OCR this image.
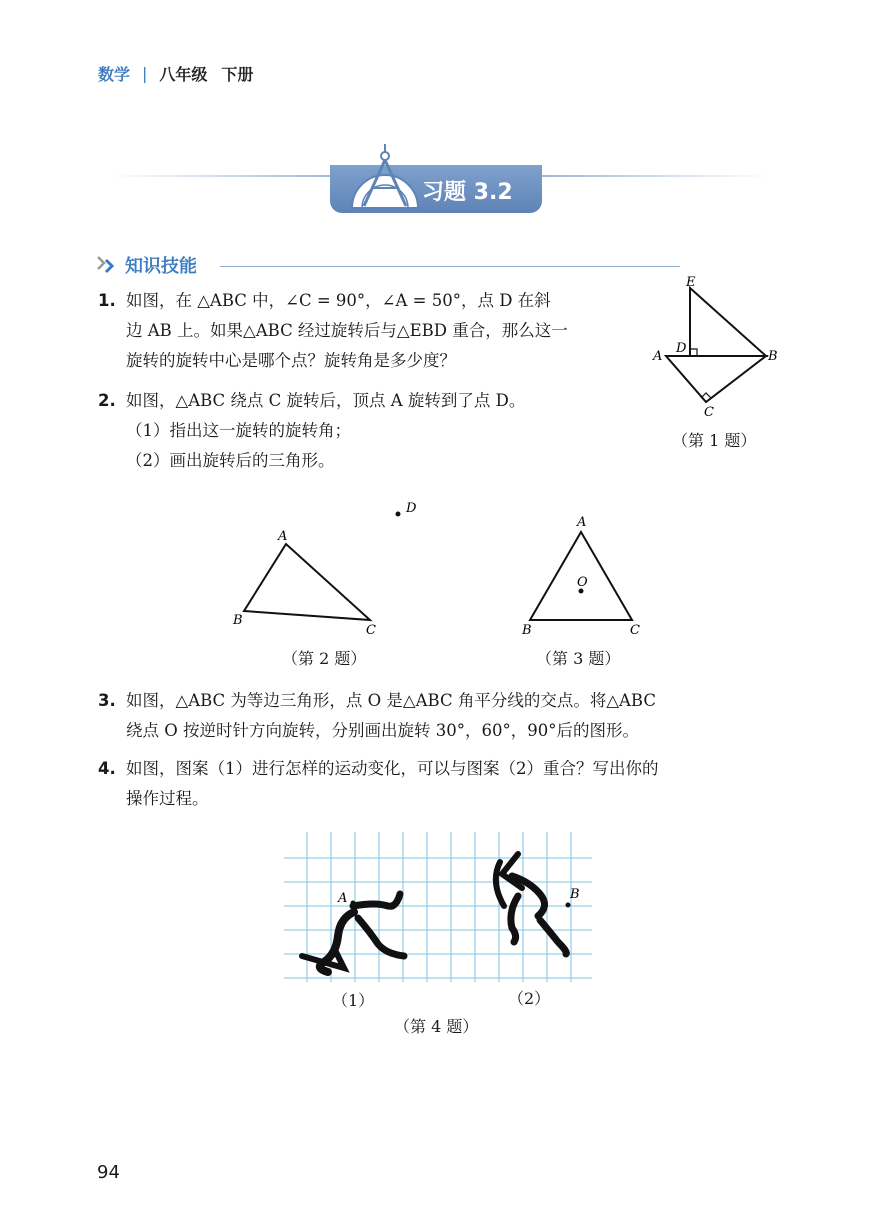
数学 | 八年级 下册
习题 3.2
知识技能
1. 如图，在 △ABC 中，∠C = 90°，∠A = 50°，点 D 在斜
边 AB 上。如果△ABC 经过旋转后与△EBD 重合，那么这一
旋转的旋转中心是哪个点？旋转角是多少度？
2. 如图，△ABC 绕点 C 旋转后，顶点 A 旋转到了点 D。
（1）指出这一旋转的旋转角；
（2）画出旋转后的三角形。
E
A
D
B
C
（第 1 题）
D
A
B
C
（第 2 题）
A
O
B	C
（第 3 题）
3. 如图，△ABC 为等边三角形，点 O 是△ABC 角平分线的交点。将△ABC
绕点 O 按逆时针方向旋转，分别画出旋转 30°，60°，90°后的图形。
4. 如图，图案（1）进行怎样的运动变化，可以与图案（2）重合？写出你的
操作过程。
A	B
（1）	（2）
（第 4 题）
94
